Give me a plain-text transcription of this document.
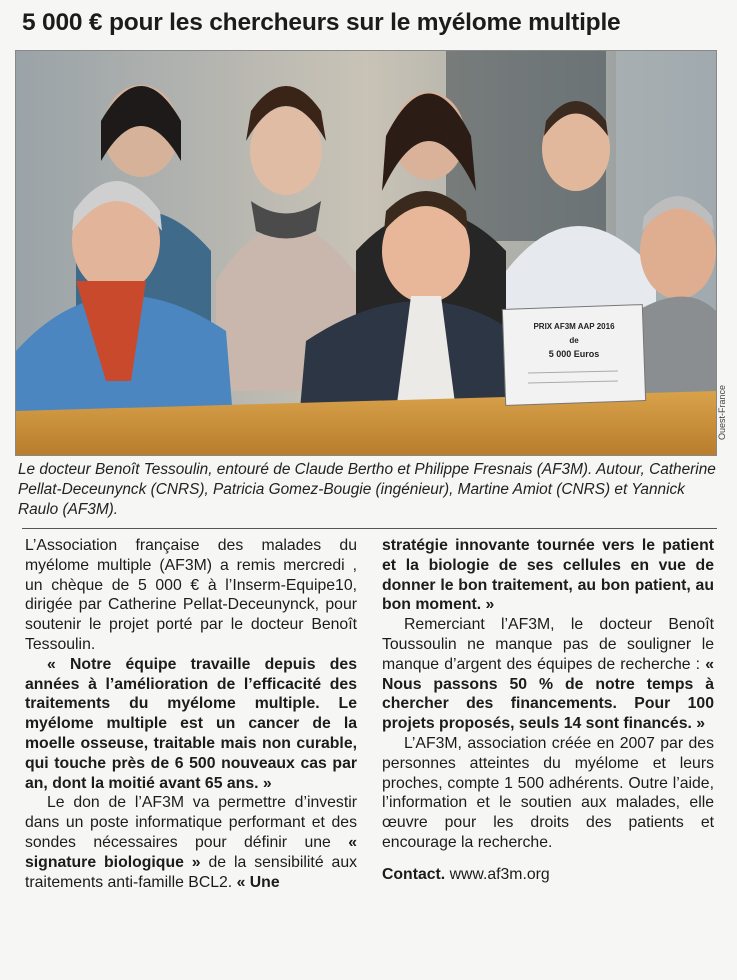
5 000 € pour les chercheurs sur le myélome multiple
PRIX AF3M AAP 2016
de
5 000 Euros
Ouest-France

Le docteur Benoît Tessoulin, entouré de Claude Bertho et Philippe Fresnais (AF3M). Autour, Catherine Pellat-Deceunynck (CNRS), Patricia Gomez-Bougie (ingénieur), Martine Amiot (CNRS) et Yannick Raulo (AF3M).

L’Association française des malades du myélome multiple (AF3M) a remis mercredi , un chèque de 5 000 € à l’Inserm-Equipe10, dirigée par Catherine Pellat-Deceunynck, pour soutenir le projet porté par le docteur Benoît Tessoulin.

« Notre équipe travaille depuis des années à l’amélioration de l’efficacité des traitements du myélome multiple. Le myélome multiple est un cancer de la moelle osseuse, traitable mais non curable, qui touche près de 6 500 nouveaux cas par an, dont la moitié avant 65 ans. »

Le don de l’AF3M va permettre d’investir dans un poste informatique performant et des sondes nécessaires pour définir une « signature biologique » de la sensibilité aux traitements anti-famille BCL2. « Une

stratégie innovante tournée vers le patient et la biologie de ses cellules en vue de donner le bon traitement, au bon patient, au bon moment. »

Remerciant l’AF3M, le docteur Benoît Toussoulin ne manque pas de souligner le manque d’argent des équipes de recherche : « Nous passons 50 % de notre temps à chercher des financements. Pour 100 projets proposés, seuls 14 sont financés. »

L’AF3M, association créée en 2007 par des personnes atteintes du myélome et leurs proches, compte 1 500 adhérents. Outre l’aide, l’information et le soutien aux malades, elle œuvre pour les droits des patients et encourage la recherche.

Contact. www.af3m.org
